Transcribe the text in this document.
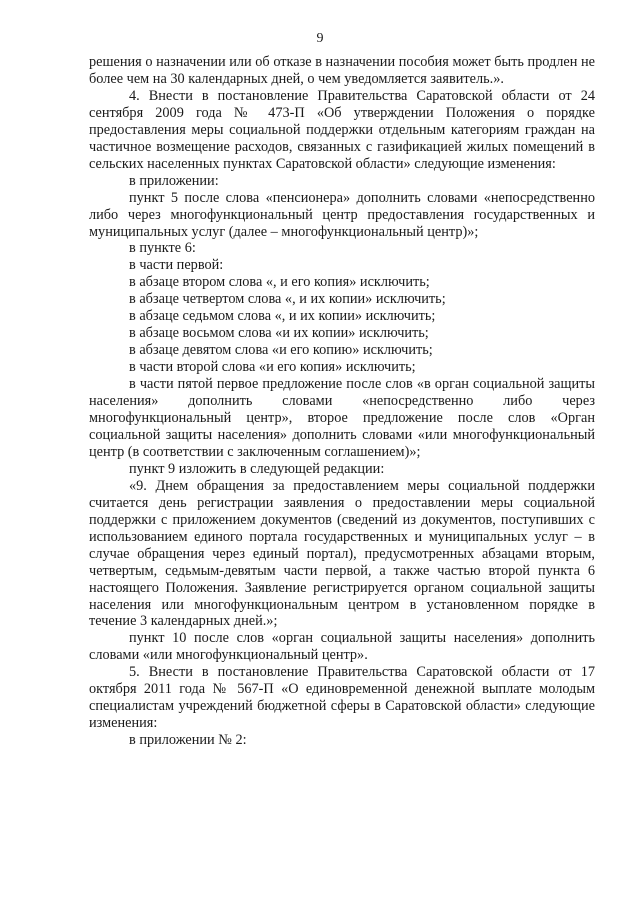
9

решения о назначении или об отказе в назначении пособия может быть продлен не более чем на 30 календарных дней, о чем уведомляется заявитель.».

4. Внести в постановление Правительства Саратовской области от 24 сентября 2009 года № 473-П «Об утверждении Положения о порядке предоставления меры социальной поддержки отдельным категориям граждан на частичное возмещение расходов, связанных с газификацией жилых помещений в сельских населенных пунктах Саратовской области» следующие изменения:

в приложении:

пункт 5 после слова «пенсионера» дополнить словами «непосредственно либо через многофункциональный центр предоставления государственных и муниципальных услуг (далее – многофункциональный центр)»;

в пункте 6:

в части первой:

в абзаце втором слова «, и его копия» исключить;

в абзаце четвертом слова «, и их копии» исключить;

в абзаце седьмом слова «, и их копии» исключить;

в абзаце восьмом слова «и их копии» исключить;

в абзаце девятом слова «и его копию» исключить;

в части второй слова «и его копия» исключить;

в части пятой первое предложение после слов «в орган социальной защиты населения» дополнить словами «непосредственно либо через многофункциональный центр», второе предложение после слов «Орган социальной защиты населения» дополнить словами «или многофункциональный центр (в соответствии с заключенным соглашением)»;

пункт 9 изложить в следующей редакции:

«9. Днем обращения за предоставлением меры социальной поддержки считается день регистрации заявления о предоставлении меры социальной поддержки с приложением документов (сведений из документов, поступивших с использованием единого портала государственных и муниципальных услуг – в случае обращения через единый портал), предусмотренных абзацами вторым, четвертым, седьмым-девятым части первой, а также частью второй пункта 6 настоящего Положения. Заявление регистрируется органом социальной защиты населения или многофункциональным центром в установленном порядке в течение 3 календарных дней.»;

пункт 10 после слов «орган социальной защиты населения» дополнить словами «или многофункциональный центр».

5. Внести в постановление Правительства Саратовской области от 17 октября 2011 года № 567-П «О единовременной денежной выплате молодым специалистам учреждений бюджетной сферы в Саратовской области» следующие изменения:

в приложении № 2:
